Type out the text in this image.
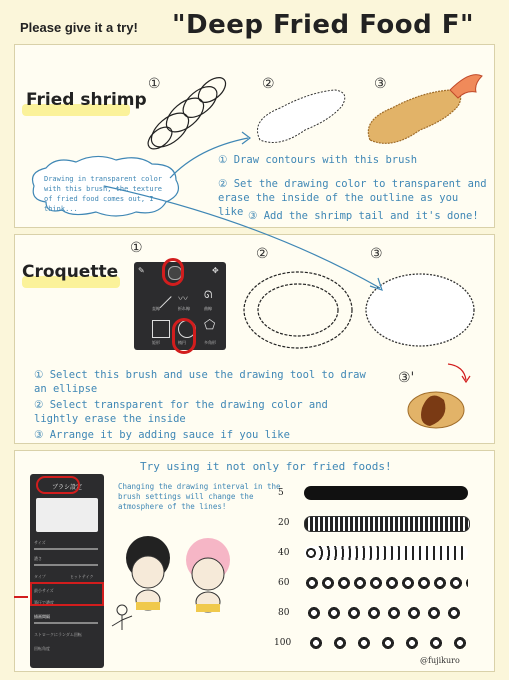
Please give it a try! "Deep Fried Food F"
Fried shrimp
①	②	③
Drawing in transparent color with this brush, the texture of fried food comes out, I think...
① Draw contours with this brush
② Set the drawing color to transparent and erase the inside of the outline as you like ③ Add the shrimp tail and it's done!
Croquette
①	②	③
③'
✎	✥
直線
〰
折れ線
ᘏ
曲線
矩形	楕円
⬠
多角形
① Select this brush and use the drawing tool to draw an ellipse
② Select transparent for the drawing color and lightly erase the inside
③ Arrange it by adding sauce if you like
Try using it not only for fried foods!
Changing the drawing interval in the brush settings will change the atmosphere of the lines!
ブラシ設定
サイズ
濃さ
タイプ	ヒットテイク
最小サイズ
筆圧で濃度
描画間隔
ストロークにランダム回転
回転角度
5
20
40
60
80
100
@fujikuro
